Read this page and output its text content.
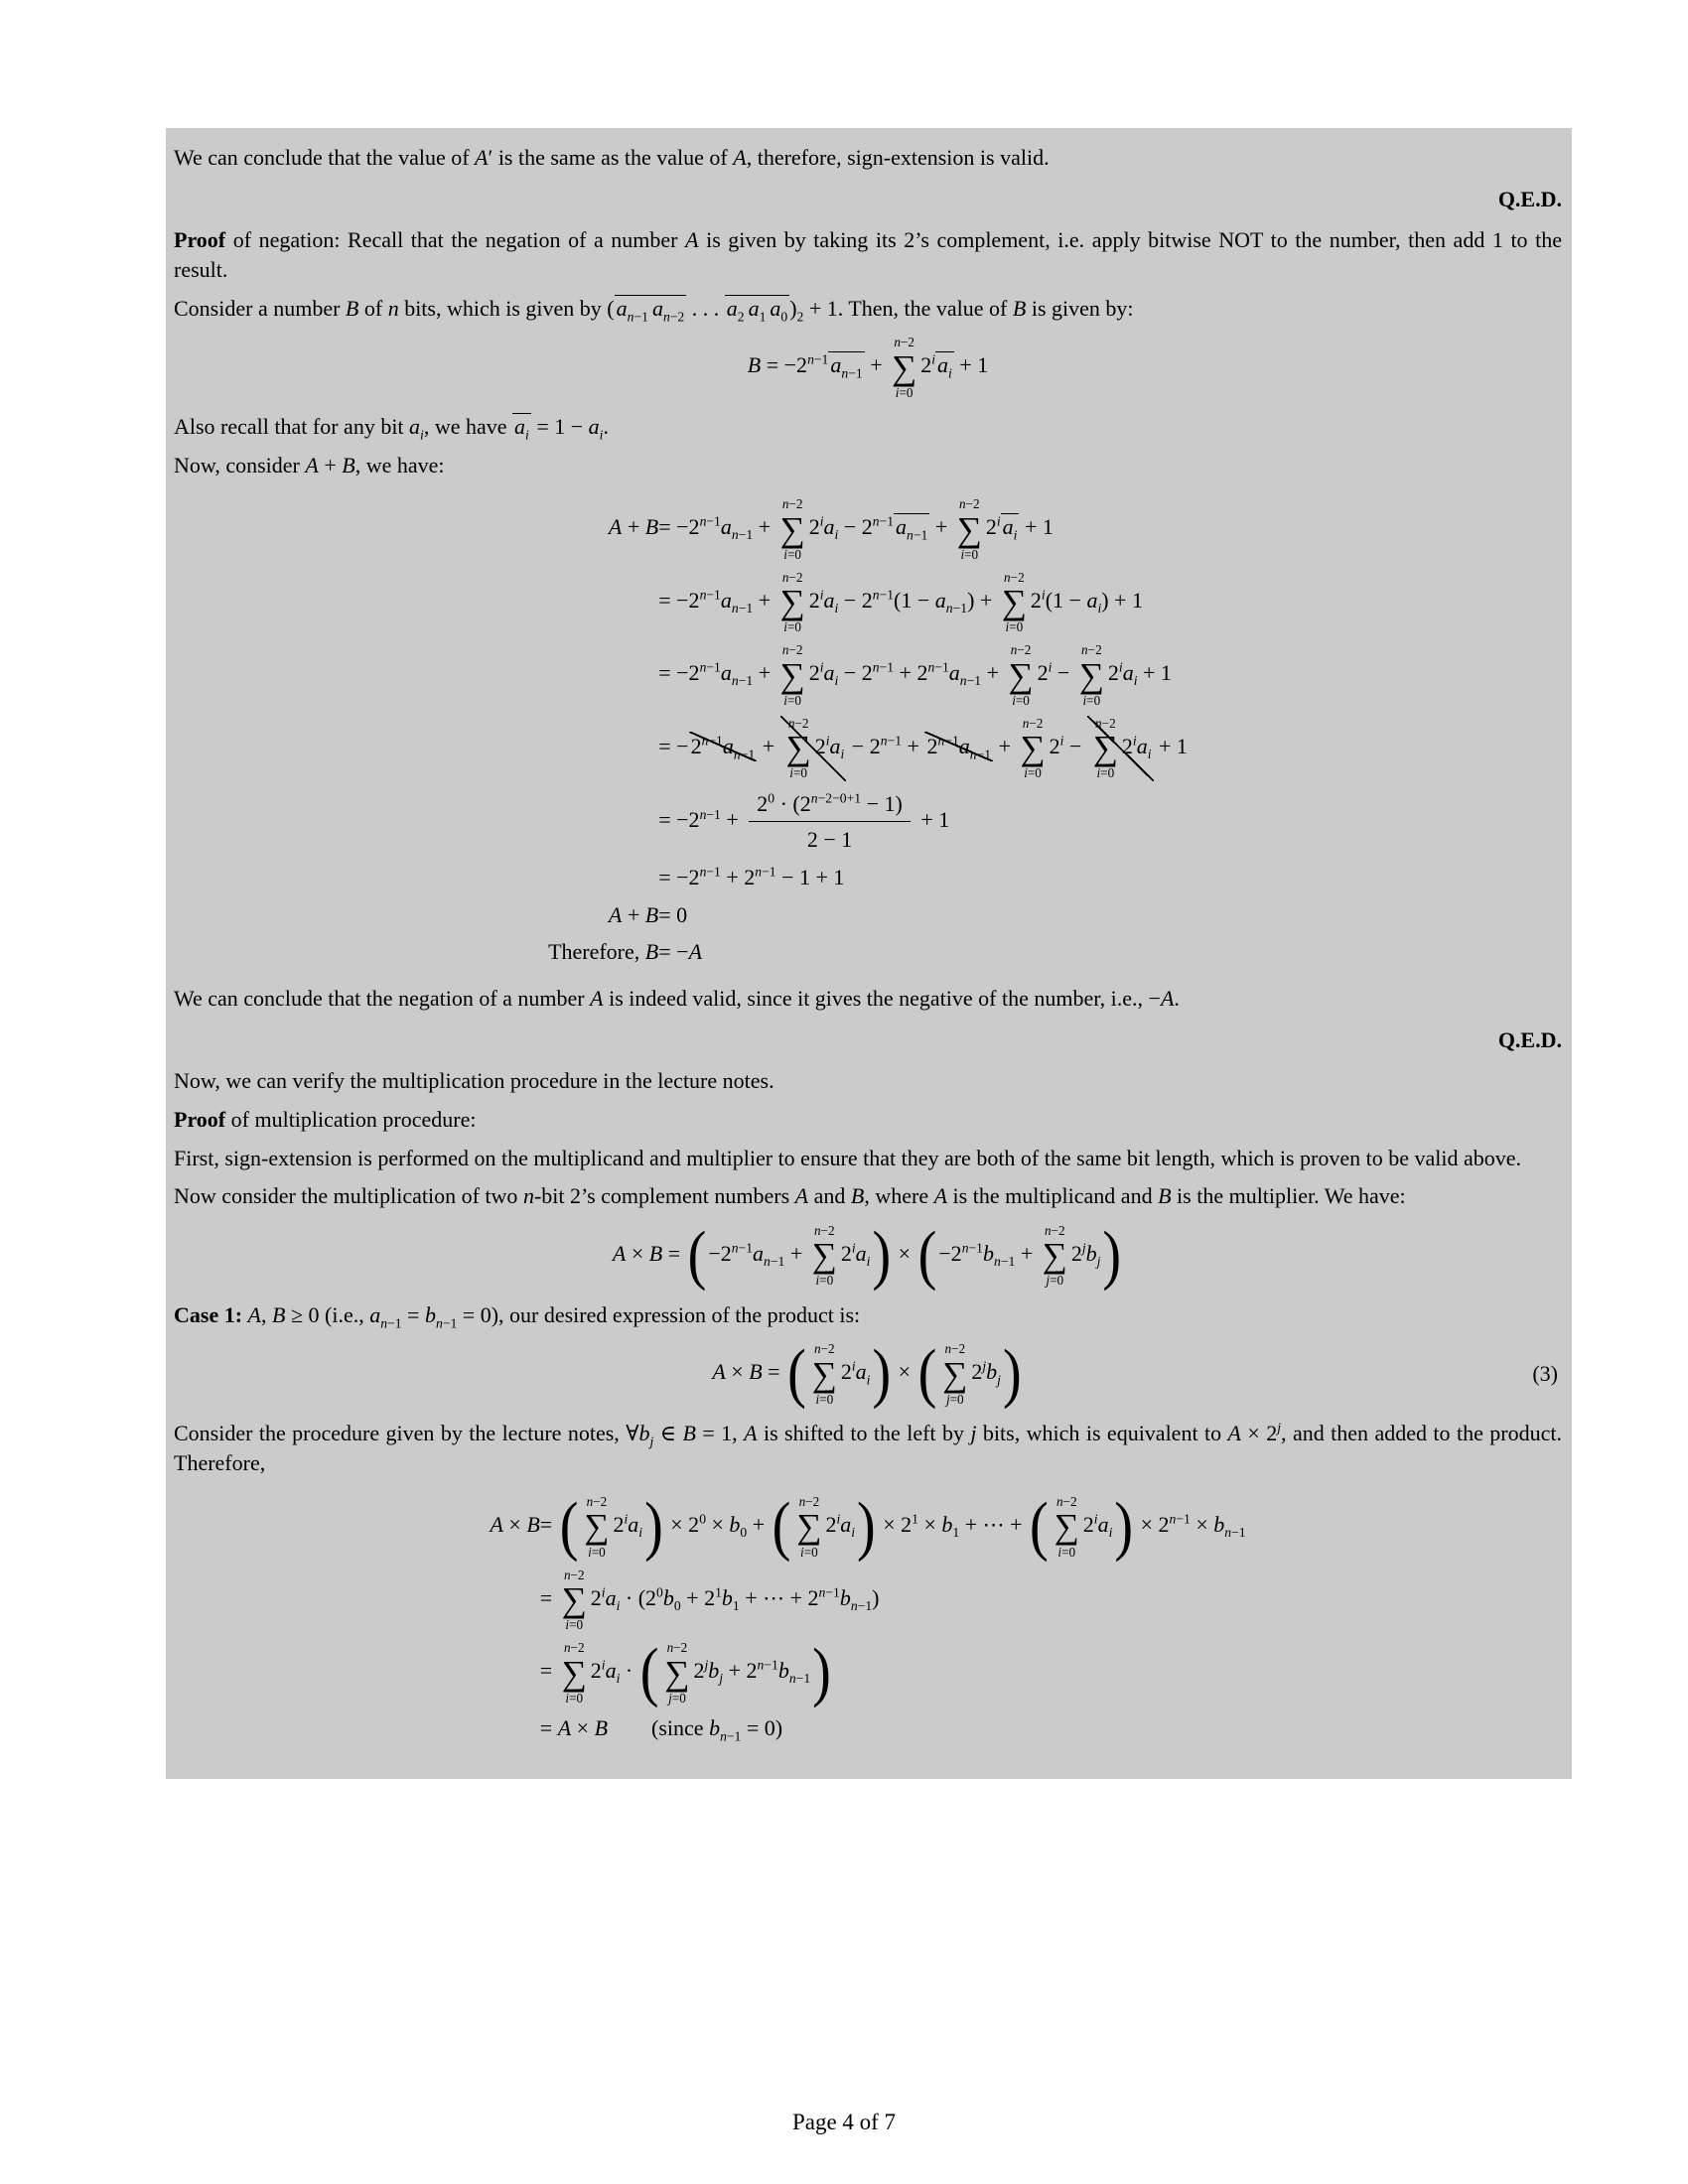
We can conclude that the value of A′ is the same as the value of A, therefore, sign-extension is valid.

Q.E.D.

Proof of negation: Recall that the negation of a number A is given by taking its 2’s complement, i.e. apply bitwise NOT to the number, then add 1 to the result.

Consider a number B of n bits, which is given by ($a_{n-1}$ $a_{n-2}$ . . . $a_2$ $a_1$ $a_0)_2 + 1$. Then, the value of B is given by:

$B = -2^{n-1}a_{n-1}$ +
n−2
∑
i=0
$2^ia_i + 1$

Also recall that for any bit $a_i$, we have $a_i = 1 - a_i$.

Now, consider A + B, we have:

A + B	= $-2^{n-1}a_{n-1}$ +
n−2
∑
i=0
$2^ia_i - 2^{n-1}a_{n-1}$ +
n−2
∑
i=0
$2^ia_i + 1$
	= $-2^{n-1}a_{n-1}$ +
n−2
∑
i=0
$2^ia_i - 2^{n-1}(1 - a_{n-1})$ +
n−2
∑
i=0
$2^i(1 - a_i) + 1$
	= $-2^{n-1}a_{n-1}$ +
n−2
∑
i=0
$2^ia_i - 2^{n-1} + 2^{n-1}a_{n-1}$ +
n−2
∑
i=0
$2^i$ −
n−2
∑
i=0
$2^ia_i + 1$
	= $-2^{n-1}a_{n-1}$ +
n−2
∑
i=0
$2^ia_i - 2^{n-1} + 2^{n-1}a_{n-1}$ +
n−2
∑
i=0
$2^i$ −
n−2
∑
i=0
$2^ia_i + 1$
	= $-2^{n-1} + \frac{2^0 \cdot (2^{n-2-0+1} - 1)}{2 - 1} + 1$
	= $-2^{n-1} + 2^{n-1} - 1 + 1$
A + B	= 0
Therefore, B	= −A

We can conclude that the negation of a number A is indeed valid, since it gives the negative of the number, i.e., −A.

Q.E.D.

Now, we can verify the multiplication procedure in the lecture notes.

Proof of multiplication procedure:

First, sign-extension is performed on the multiplicand and multiplier to ensure that they are both of the same bit length, which is proven to be valid above.

Now consider the multiplication of two n-bit 2’s complement numbers A and B, where A is the multiplicand and B is the multiplier. We have:

$A \times B = (-2^{n-1}a_{n-1}$ +
n−2
∑
i=0
$2^ia_i) \times (-2^{n-1}b_{n-1}$ +
n−2
∑
j=0
$2^jb_j$)

Case 1: A, B ≥ 0 (i.e., $a_{n-1} = b_{n-1} = 0$), our desired expression of the product is:

A × B = ( n−2
∑
i=0
$2^ia_i$) × ( n−2
∑
j=0
$2^jb_j$)	(3)

Consider the procedure given by the lecture notes, $\forall b_j$ ∈ B = 1, A is shifted to the left by j bits, which is equivalent to $A \times 2^j$, and then added to the product. Therefore,

A × B	= ( n−2
∑
i=0
$2^ia_i) \times 2^0 \times b_0$ + ( n−2
∑
i=0
$2^ia_i) \times 2^1 \times b_1$ + ⋯ + ( n−2
∑
i=0
$2^ia_i) \times 2^{n-1} \times b_{n-1}$
	=
n−2
∑
i=0
$2^ia_i \cdot (2^0b_0 + 2^1b_1$ + ⋯ + $2^{n-1}b_{n-1}$)
	=
n−2
∑
i=0
$2^ia_i$ · ( n−2
∑
j=0
$2^jb_j + 2^{n-1}b_{n-1}$)
	= A × B  (since $b_{n-1} = 0$)
Page 4 of 7
